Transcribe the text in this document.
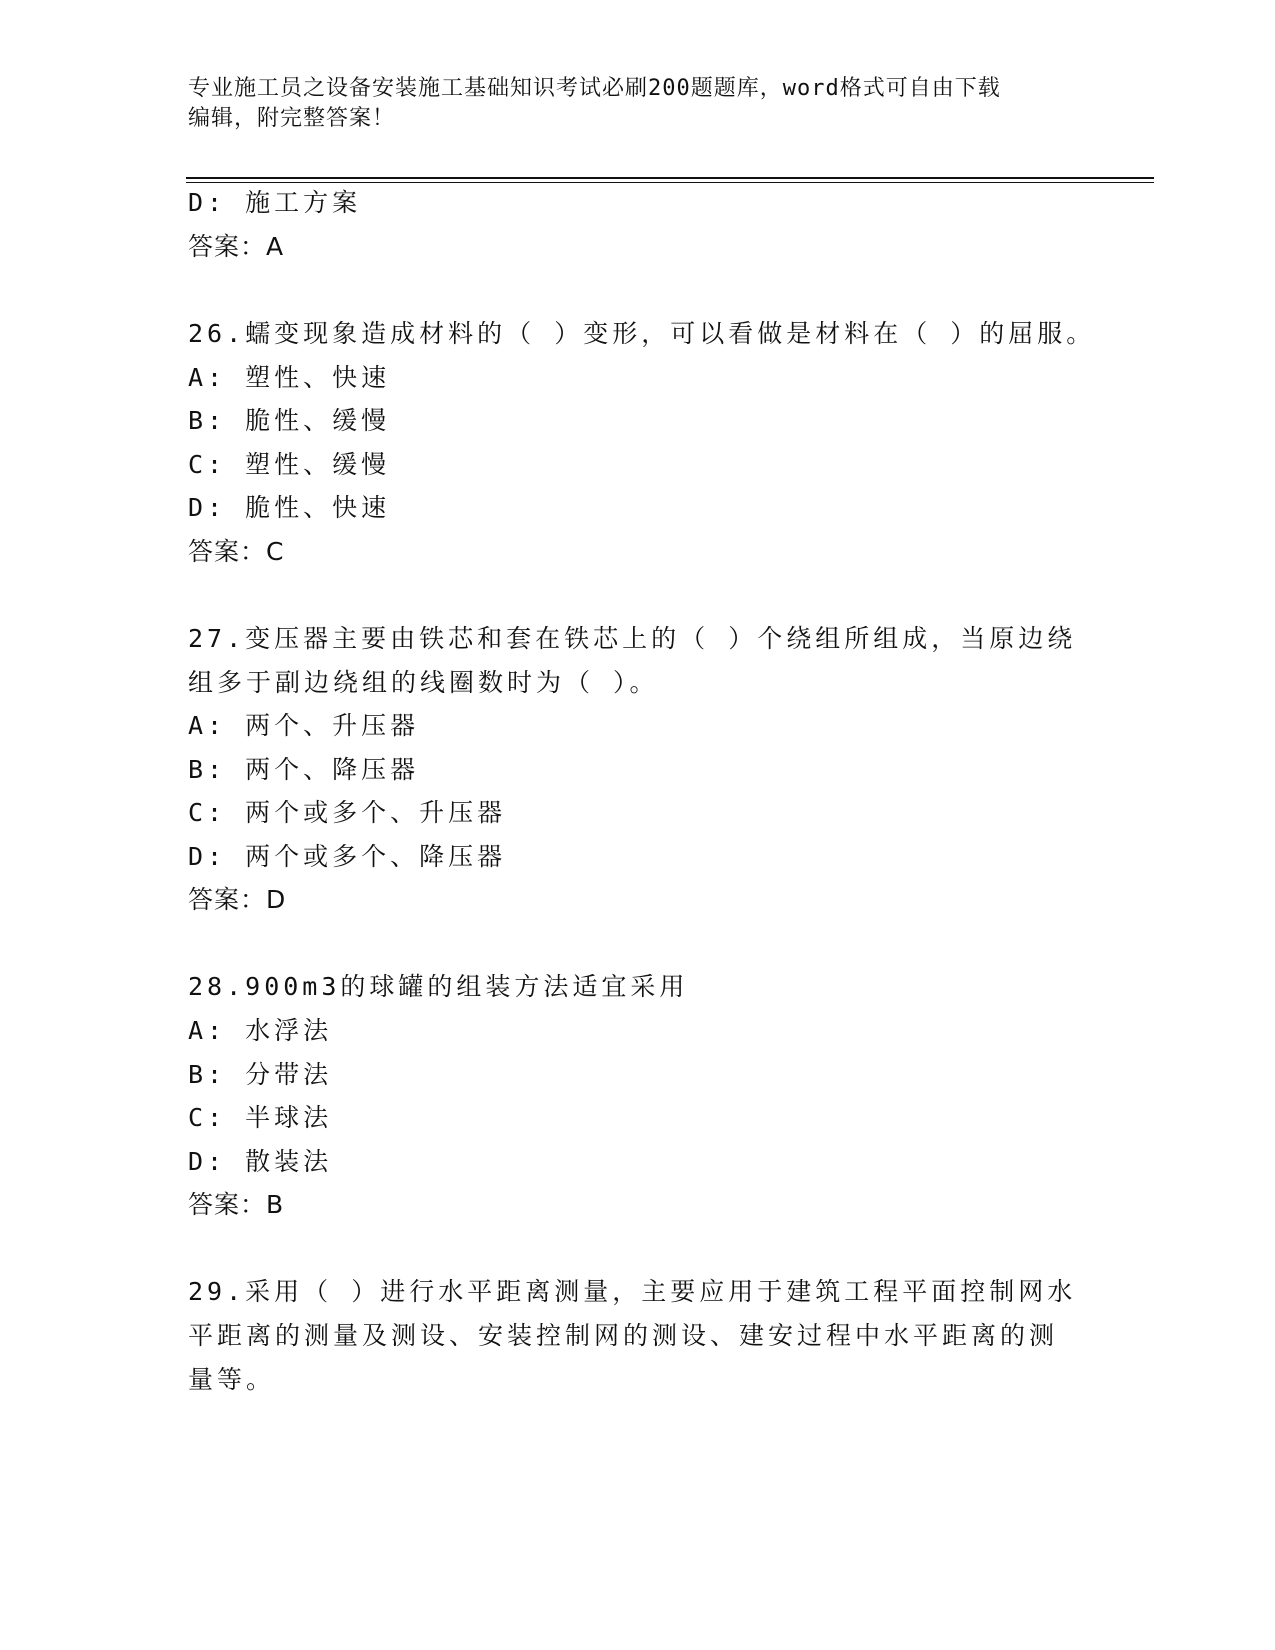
专业施工员之设备安装施工基础知识考试必刷200题题库，word格式可自由下载
编辑，附完整答案！
D: 施工方案
答案：A
26.蠕变现象造成材料的（ ）变形，可以看做是材料在（ ）的屈服。
A: 塑性、快速
B: 脆性、缓慢
C: 塑性、缓慢
D: 脆性、快速
答案：C
27.变压器主要由铁芯和套在铁芯上的（ ）个绕组所组成，当原边绕
组多于副边绕组的线圈数时为（ ）。
A: 两个、升压器
B: 两个、降压器
C: 两个或多个、升压器
D: 两个或多个、降压器
答案：D
28.900m3的球罐的组装方法适宜采用
A: 水浮法
B: 分带法
C: 半球法
D: 散装法
答案：B
29.采用（ ）进行水平距离测量，主要应用于建筑工程平面控制网水
平距离的测量及测设、安装控制网的测设、建安过程中水平距离的测
量等。
